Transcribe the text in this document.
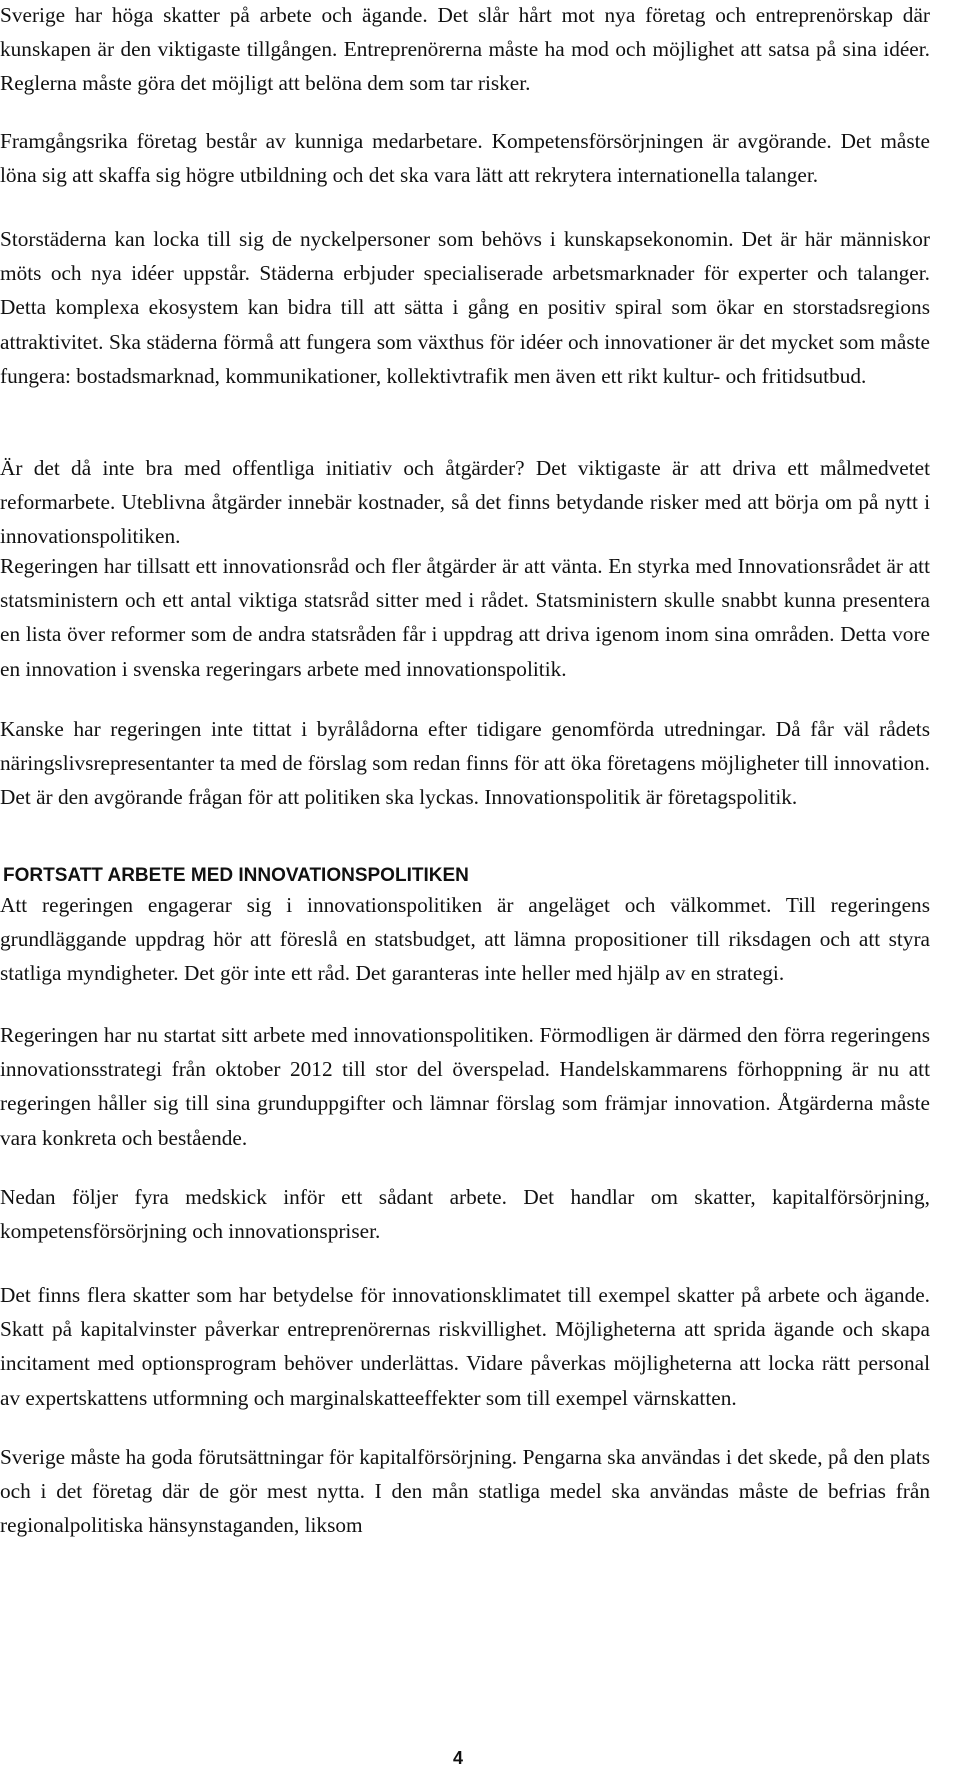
Sverige har höga skatter på arbete och ägande. Det slår hårt mot nya företag och entreprenörskap där kunskapen är den viktigaste tillgången. Entreprenörerna måste ha mod och möjlighet att satsa på sina idéer. Reglerna måste göra det möjligt att belöna dem som tar risker.

Framgångsrika företag består av kunniga medarbetare. Kompetensförsörjningen är avgörande. Det måste löna sig att skaffa sig högre utbildning och det ska vara lätt att rekrytera internationella talanger.

Storstäderna kan locka till sig de nyckelpersoner som behövs i kunskapsekonomin. Det är här människor möts och nya idéer uppstår. Städerna erbjuder specialiserade arbetsmarknader för experter och talanger. Detta komplexa ekosystem kan bidra till att sätta i gång en positiv spiral som ökar en storstadsregions attraktivitet. Ska städerna förmå att fungera som växthus för idéer och innovationer är det mycket som måste fungera: bostadsmarknad, kommunikationer, kollektivtrafik men även ett rikt kultur- och fritidsutbud.

Är det då inte bra med offentliga initiativ och åtgärder? Det viktigaste är att driva ett målmedvetet reformarbete. Uteblivna åtgärder innebär kostnader, så det finns betydande risker med att börja om på nytt i innovationspolitiken.

Regeringen har tillsatt ett innovationsråd och fler åtgärder är att vänta. En styrka med Innovationsrådet är att statsministern och ett antal viktiga statsråd sitter med i rådet. Statsministern skulle snabbt kunna presentera en lista över reformer som de andra statsråden får i uppdrag att driva igenom inom sina områden. Detta vore en innovation i svenska regeringars arbete med innovationspolitik.

Kanske har regeringen inte tittat i byrålådorna efter tidigare genomförda utredningar. Då får väl rådets näringslivsrepresentanter ta med de förslag som redan finns för att öka företagens möjligheter till innovation. Det är den avgörande frågan för att politiken ska lyckas. Innovationspolitik är företagspolitik.

FORTSATT ARBETE MED INNOVATIONSPOLITIKEN

Att regeringen engagerar sig i innovationspolitiken är angeläget och välkommet. Till regeringens grundläggande uppdrag hör att föreslå en statsbudget, att lämna propositioner till riksdagen och att styra statliga myndigheter. Det gör inte ett råd. Det garanteras inte heller med hjälp av en strategi.

Regeringen har nu startat sitt arbete med innovationspolitiken. Förmodligen är därmed den förra regeringens innovationsstrategi från oktober 2012 till stor del överspelad. Handelskammarens förhoppning är nu att regeringen håller sig till sina grunduppgifter och lämnar förslag som främjar innovation. Åtgärderna måste vara konkreta och bestående.

Nedan följer fyra medskick inför ett sådant arbete. Det handlar om skatter, kapitalförsörjning, kompetensförsörjning och innovationspriser.

Det finns flera skatter som har betydelse för innovationsklimatet till exempel skatter på arbete och ägande. Skatt på kapitalvinster påverkar entreprenörernas riskvillighet. Möjligheterna att sprida ägande och skapa incitament med optionsprogram behöver underlättas. Vidare påverkas möjligheterna att locka rätt personal av expertskattens utformning och marginalskatteeffekter som till exempel värnskatten.

Sverige måste ha goda förutsättningar för kapitalförsörjning. Pengarna ska användas i det skede, på den plats och i det företag där de gör mest nytta. I den mån statliga medel ska användas måste de befrias från regionalpolitiska hänsynstaganden, liksom

4
